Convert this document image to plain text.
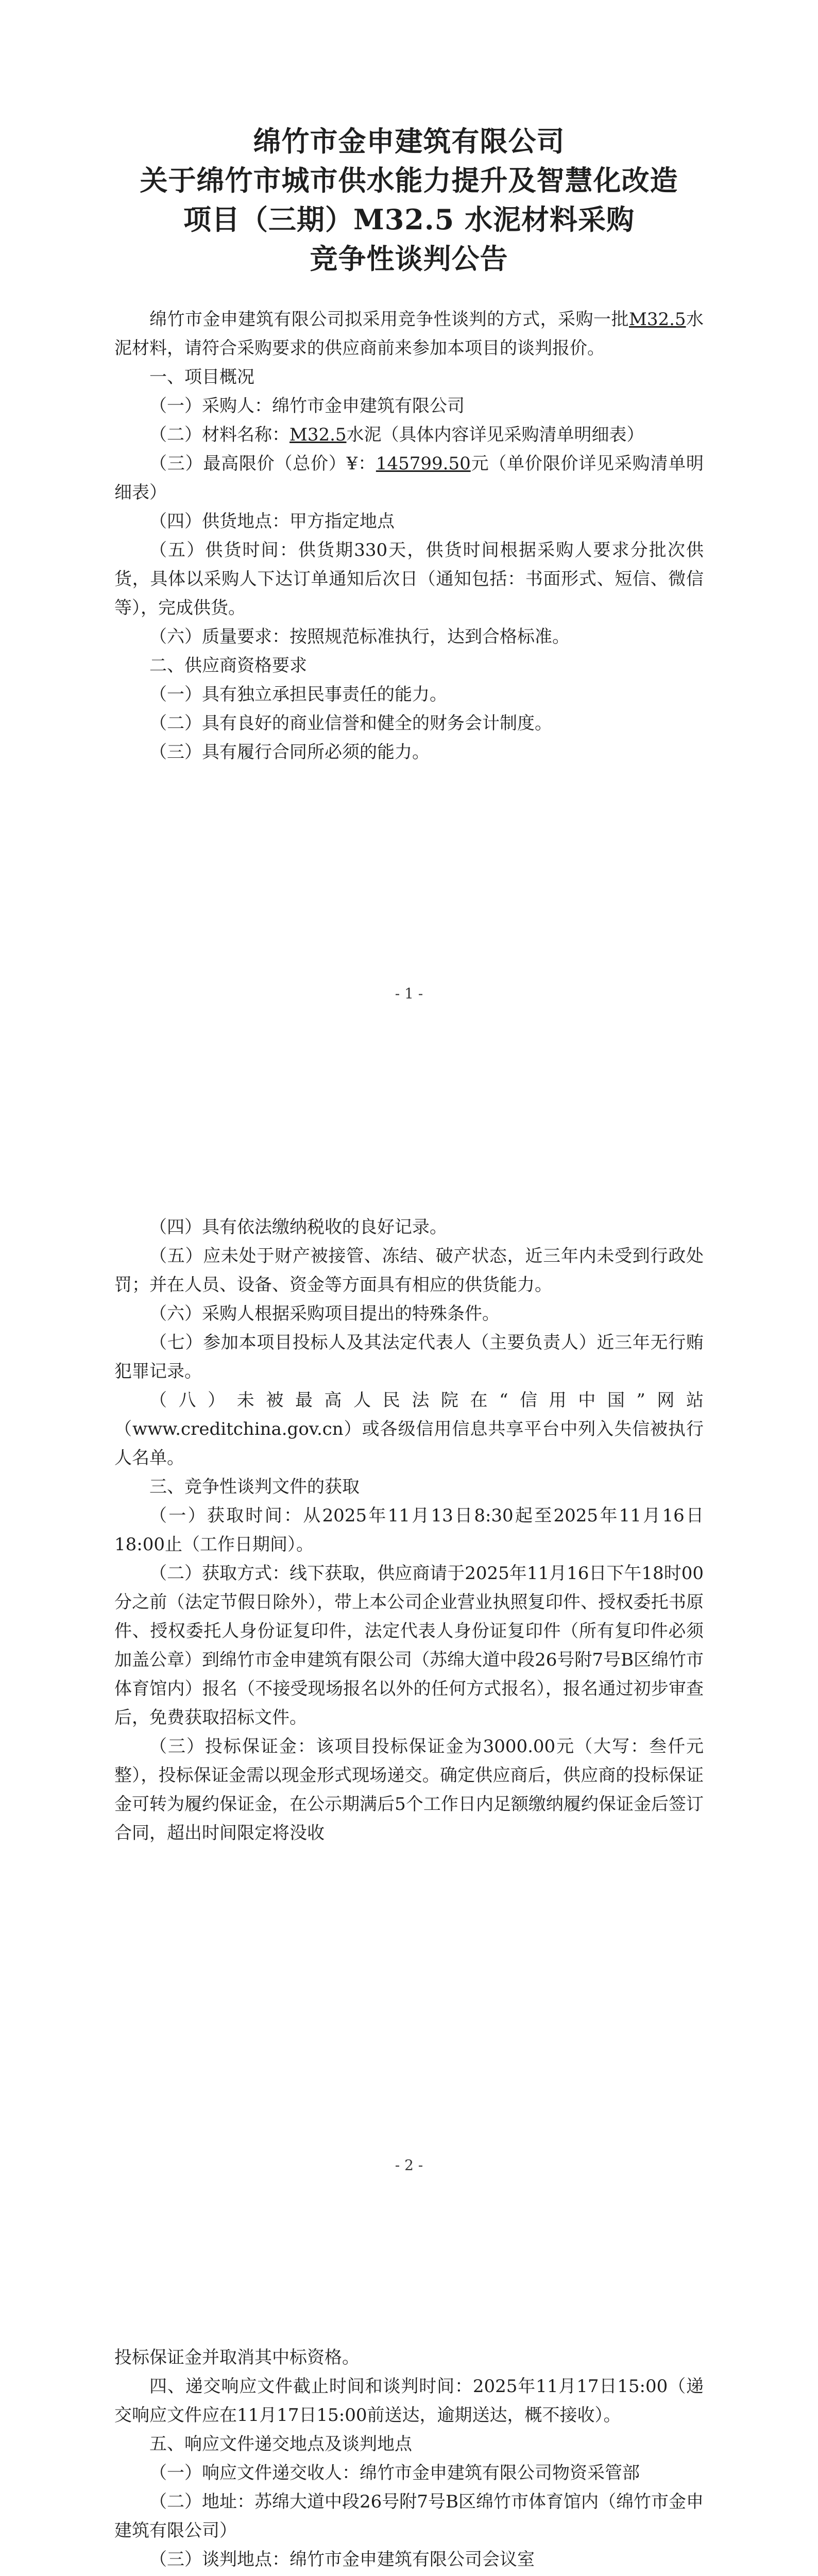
绵竹市金申建筑有限公司
关于绵竹市城市供水能力提升及智慧化改造
项目（三期）M32.5 水泥材料采购
竞争性谈判公告

绵竹市金申建筑有限公司拟采用竞争性谈判的方式，采购一批M32.5水泥材料，请符合采购要求的供应商前来参加本项目的谈判报价。

一、项目概况

（一）采购人：绵竹市金申建筑有限公司

（二）材料名称：M32.5水泥（具体内容详见采购清单明细表）

（三）最高限价（总价）¥：145799.50元（单价限价详见采购清单明细表）

（四）供货地点：甲方指定地点

（五）供货时间：供货期330天，供货时间根据采购人要求分批次供货，具体以采购人下达订单通知后次日（通知包括：书面形式、短信、微信等），完成供货。

（六）质量要求：按照规范标准执行，达到合格标准。

二、供应商资格要求

（一）具有独立承担民事责任的能力。

（二）具有良好的商业信誉和健全的财务会计制度。

（三）具有履行合同所必须的能力。

- 1 -

（四）具有依法缴纳税收的良好记录。

（五）应未处于财产被接管、冻结、破产状态，近三年内未受到行政处罚；并在人员、设备、资金等方面具有相应的供货能力。

（六）采购人根据采购项目提出的特殊条件。

（七）参加本项目投标人及其法定代表人（主要负责人）近三年无行贿犯罪记录。

（八）未被最高人民法院在“信用中国”网站（www.creditchina.gov.cn）或各级信用信息共享平台中列入失信被执行人名单。

三、竞争性谈判文件的获取

（一）获取时间：从2025年11月13日8:30起至2025年11月16日18:00止（工作日期间）。

（二）获取方式：线下获取，供应商请于2025年11月16日下午18时00分之前（法定节假日除外），带上本公司企业营业执照复印件、授权委托书原件、授权委托人身份证复印件，法定代表人身份证复印件（所有复印件必须加盖公章）到绵竹市金申建筑有限公司（苏绵大道中段26号附7号B区绵竹市体育馆内）报名（不接受现场报名以外的任何方式报名），报名通过初步审查后，免费获取招标文件。

（三）投标保证金：该项目投标保证金为3000.00元（大写：叁仟元整），投标保证金需以现金形式现场递交。确定供应商后，供应商的投标保证金可转为履约保证金，在公示期满后5个工作日内足额缴纳履约保证金后签订合同，超出时间限定将没收

- 2 -

投标保证金并取消其中标资格。

四、递交响应文件截止时间和谈判时间：2025年11月17日15:00（递交响应文件应在11月17日15:00前送达，逾期送达，概不接收）。

五、响应文件递交地点及谈判地点

（一）响应文件递交收人：绵竹市金申建筑有限公司物资采管部

（二）地址：苏绵大道中段26号附7号B区绵竹市体育馆内（绵竹市金申建筑有限公司）

（三）谈判地点：绵竹市金申建筑有限公司会议室
